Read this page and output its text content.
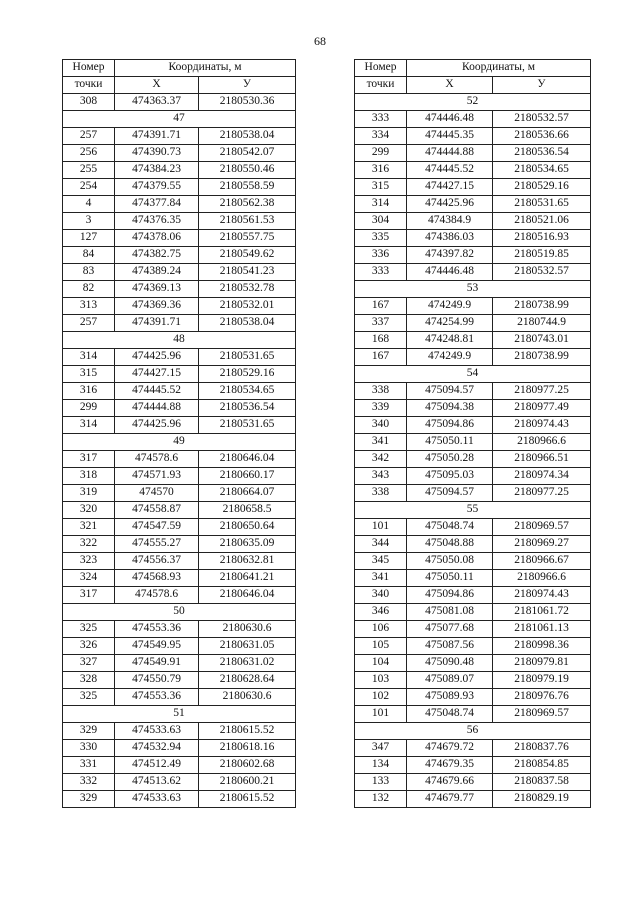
68
Номер	Координаты, м	
точки	X	У
308	474363.37	2180530.36
47		
257	474391.71	2180538.04
256	474390.73	2180542.07
255	474384.23	2180550.46
254	474379.55	2180558.59
4	474377.84	2180562.38
3	474376.35	2180561.53
127	474378.06	2180557.75
84	474382.75	2180549.62
83	474389.24	2180541.23
82	474369.13	2180532.78
313	474369.36	2180532.01
257	474391.71	2180538.04
48		
314	474425.96	2180531.65
315	474427.15	2180529.16
316	474445.52	2180534.65
299	474444.88	2180536.54
314	474425.96	2180531.65
49		
317	474578.6	2180646.04
318	474571.93	2180660.17
319	474570	2180664.07
320	474558.87	2180658.5
321	474547.59	2180650.64
322	474555.27	2180635.09
323	474556.37	2180632.81
324	474568.93	2180641.21
317	474578.6	2180646.04
50		
325	474553.36	2180630.6
326	474549.95	2180631.05
327	474549.91	2180631.02
328	474550.79	2180628.64
325	474553.36	2180630.6
51		
329	474533.63	2180615.52
330	474532.94	2180618.16
331	474512.49	2180602.68
332	474513.62	2180600.21
329	474533.63	2180615.52
Номер	Координаты, м	
точки	X	У
52		
333	474446.48	2180532.57
334	474445.35	2180536.66
299	474444.88	2180536.54
316	474445.52	2180534.65
315	474427.15	2180529.16
314	474425.96	2180531.65
304	474384.9	2180521.06
335	474386.03	2180516.93
336	474397.82	2180519.85
333	474446.48	2180532.57
53		
167	474249.9	2180738.99
337	474254.99	2180744.9
168	474248.81	2180743.01
167	474249.9	2180738.99
54		
338	475094.57	2180977.25
339	475094.38	2180977.49
340	475094.86	2180974.43
341	475050.11	2180966.6
342	475050.28	2180966.51
343	475095.03	2180974.34
338	475094.57	2180977.25
55		
101	475048.74	2180969.57
344	475048.88	2180969.27
345	475050.08	2180966.67
341	475050.11	2180966.6
340	475094.86	2180974.43
346	475081.08	2181061.72
106	475077.68	2181061.13
105	475087.56	2180998.36
104	475090.48	2180979.81
103	475089.07	2180979.19
102	475089.93	2180976.76
101	475048.74	2180969.57
56		
347	474679.72	2180837.76
134	474679.35	2180854.85
133	474679.66	2180837.58
132	474679.77	2180829.19
